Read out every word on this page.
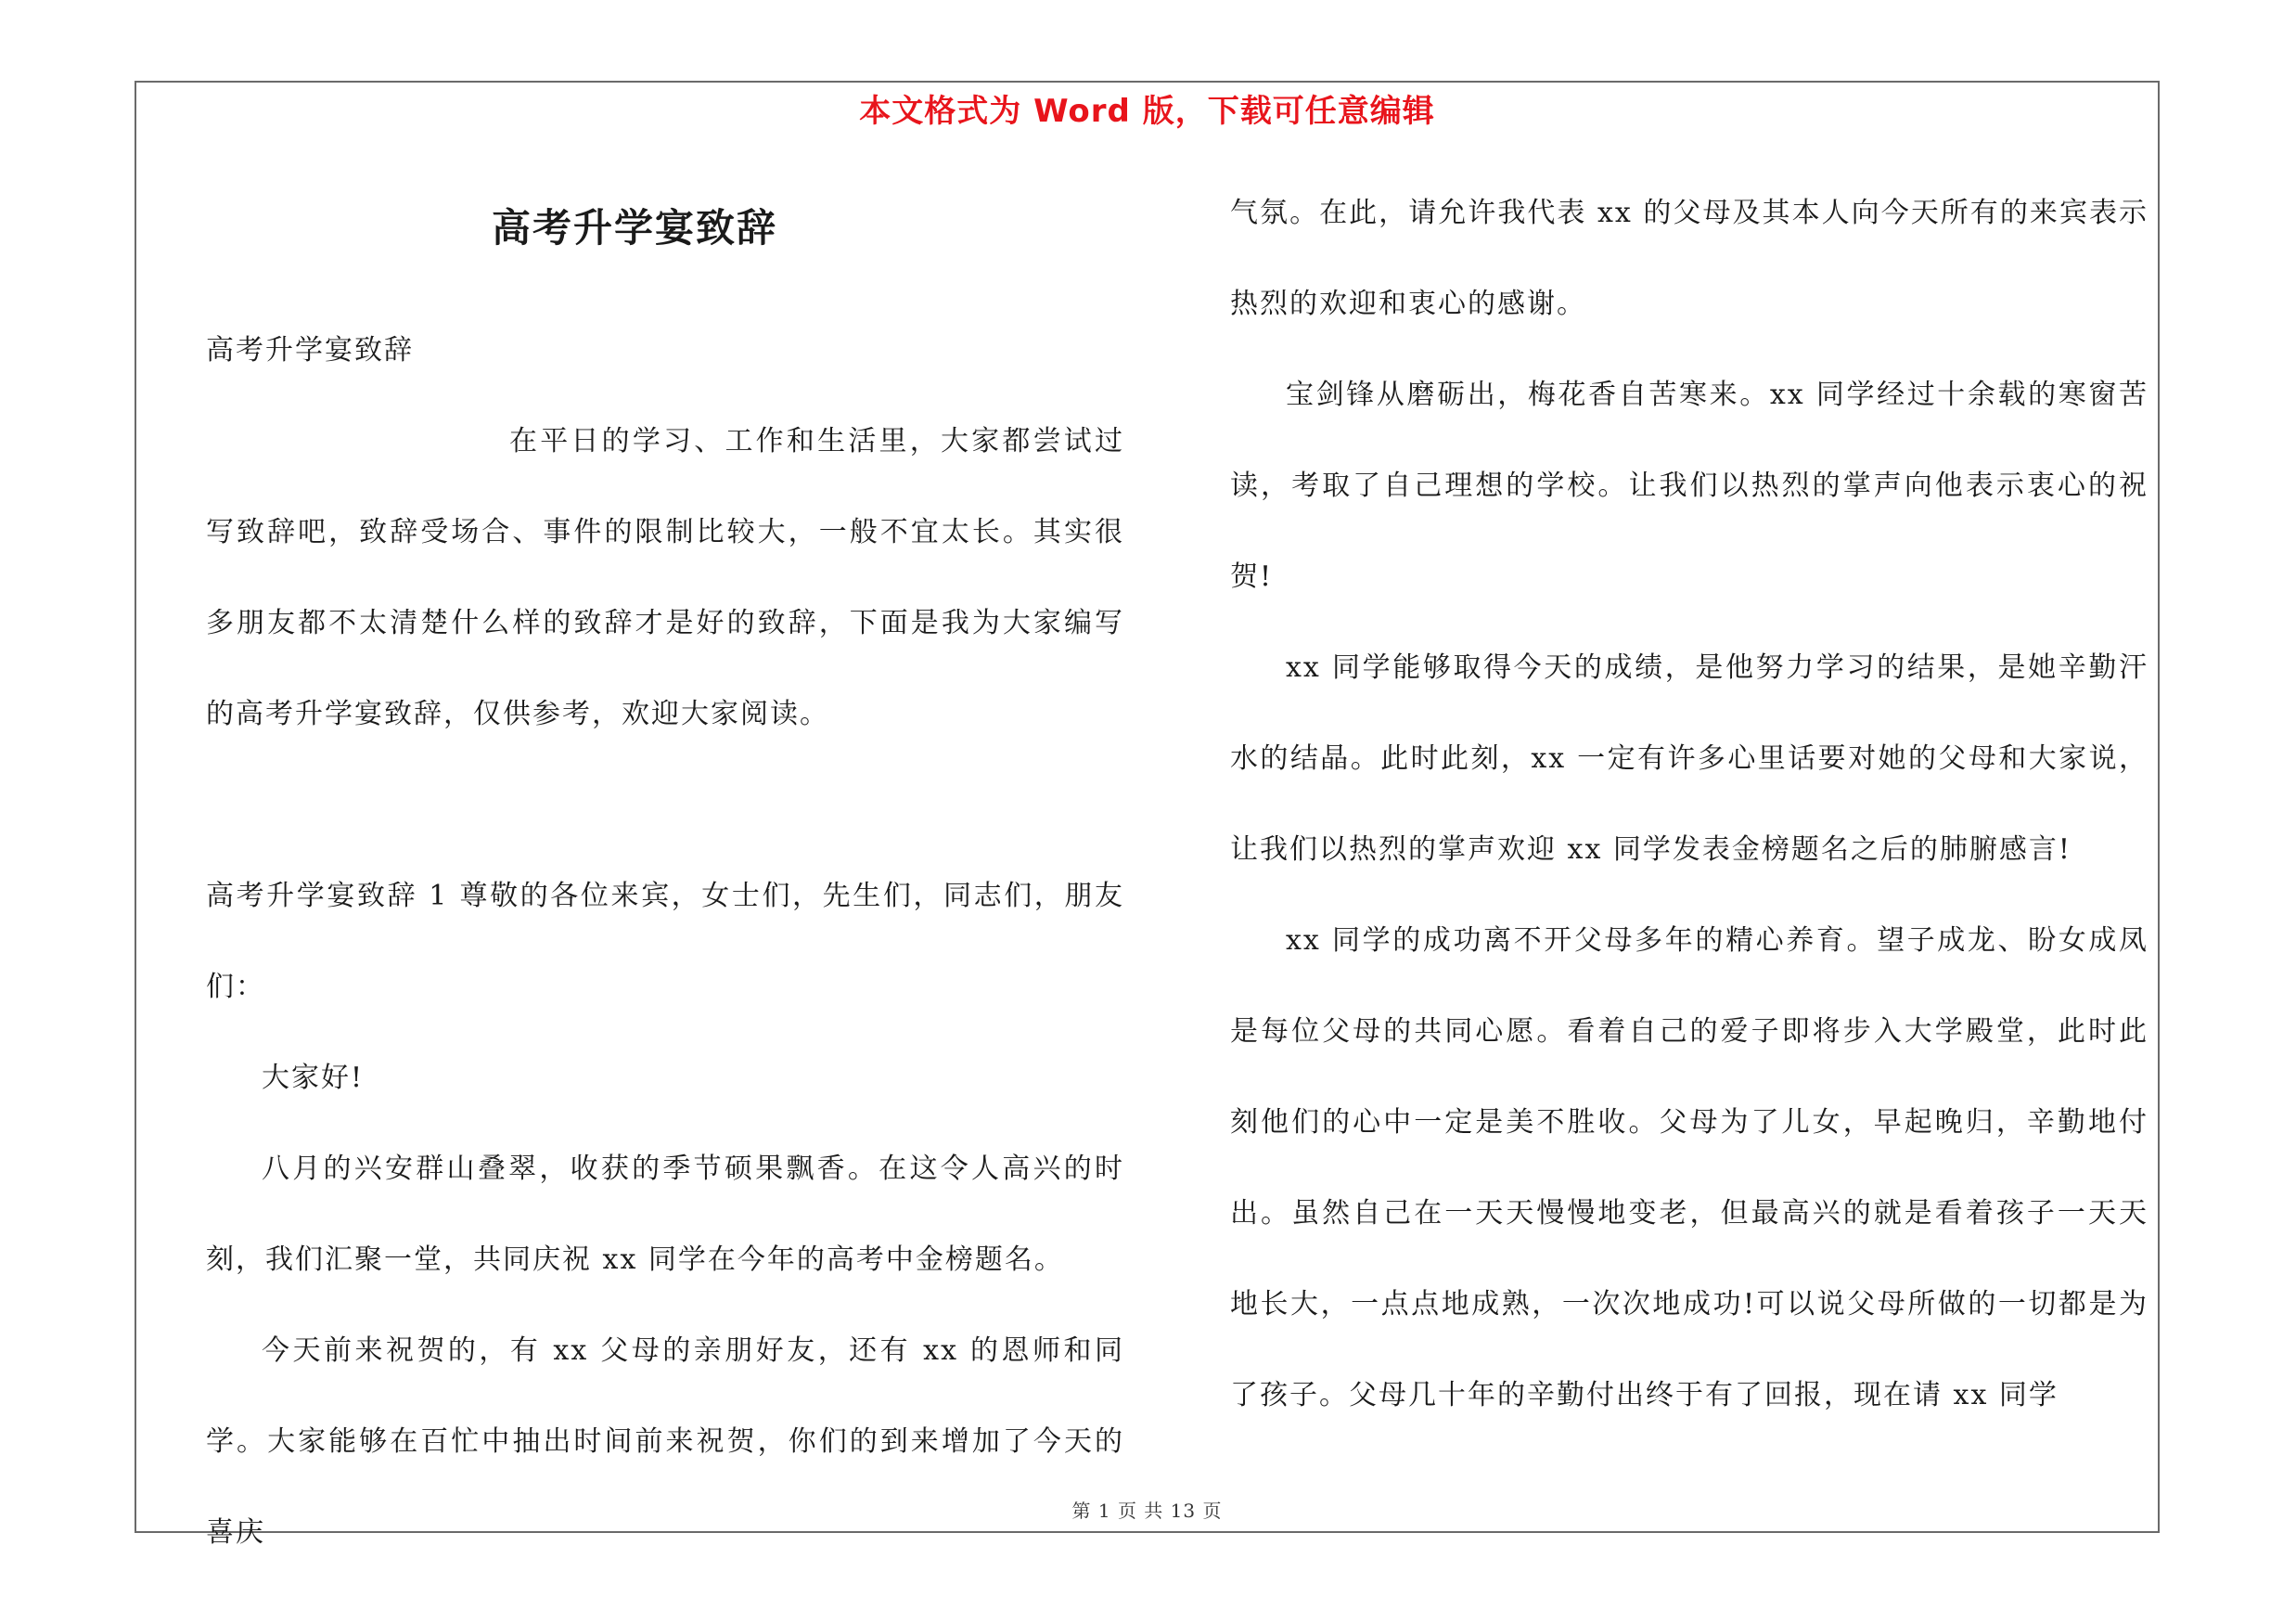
本文格式为 Word 版，下载可任意编辑
高考升学宴致辞

高考升学宴致辞

在平日的学习、工作和生活里，大家都尝试过写致辞吧，致辞受场合、事件的限制比较大，一般不宜太长。其实很多朋友都不太清楚什么样的致辞才是好的致辞，下面是我为大家编写的高考升学宴致辞，仅供参考，欢迎大家阅读。

高考升学宴致辞 1 尊敬的各位来宾，女士们，先生们，同志们，朋友们：

大家好!

八月的兴安群山叠翠，收获的季节硕果飘香。在这令人高兴的时刻，我们汇聚一堂，共同庆祝 xx 同学在今年的高考中金榜题名。

今天前来祝贺的，有 xx 父母的亲朋好友，还有 xx 的恩师和同学。大家能够在百忙中抽出时间前来祝贺，你们的到来增加了今天的喜庆

气氛。在此，请允许我代表 xx 的父母及其本人向今天所有的来宾表示热烈的欢迎和衷心的感谢。

宝剑锋从磨砺出，梅花香自苦寒来。xx 同学经过十余载的寒窗苦读，考取了自己理想的学校。让我们以热烈的掌声向他表示衷心的祝贺!

xx 同学能够取得今天的成绩，是他努力学习的结果，是她辛勤汗水的结晶。此时此刻，xx 一定有许多心里话要对她的父母和大家说，让我们以热烈的掌声欢迎 xx 同学发表金榜题名之后的肺腑感言!

xx 同学的成功离不开父母多年的精心养育。望子成龙、盼女成凤是每位父母的共同心愿。看着自己的爱子即将步入大学殿堂，此时此刻他们的心中一定是美不胜收。父母为了儿女，早起晚归，辛勤地付出。虽然自己在一天天慢慢地变老，但最高兴的就是看着孩子一天天地长大，一点点地成熟，一次次地成功!可以说父母所做的一切都是为了孩子。父母几十年的辛勤付出终于有了回报，现在请 xx 同学

第 1 页 共 13 页
